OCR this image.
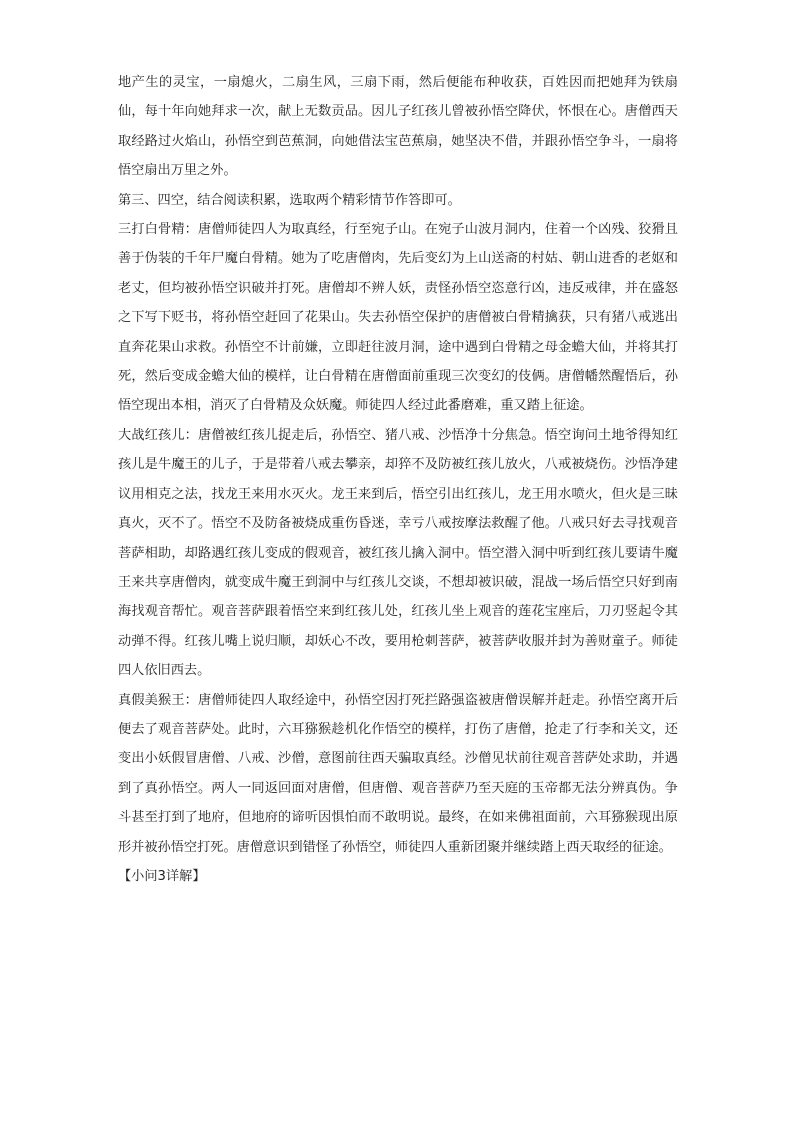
地产生的灵宝，一扇熄火，二扇生风，三扇下雨，然后便能布种收获，百姓因而把她拜为铁扇仙，每十年向她拜求一次，献上无数贡品。因儿子红孩儿曾被孙悟空降伏，怀恨在心。唐僧西天取经路过火焰山，孙悟空到芭蕉洞，向她借法宝芭蕉扇，她坚决不借，并跟孙悟空争斗，一扇将悟空扇出万里之外。

第三、四空，结合阅读积累，选取两个精彩情节作答即可。

三打白骨精：唐僧师徒四人为取真经，行至宛子山。在宛子山波月洞内，住着一个凶残、狡猾且善于伪装的千年尸魔白骨精。她为了吃唐僧肉，先后变幻为上山送斋的村姑、朝山进香的老妪和老丈，但均被孙悟空识破并打死。唐僧却不辨人妖，责怪孙悟空恣意行凶，违反戒律，并在盛怒之下写下贬书，将孙悟空赶回了花果山。失去孙悟空保护的唐僧被白骨精擒获，只有猪八戒逃出直奔花果山求救。孙悟空不计前嫌，立即赶往波月洞，途中遇到白骨精之母金蟾大仙，并将其打死，然后变成金蟾大仙的模样，让白骨精在唐僧面前重现三次变幻的伎俩。唐僧幡然醒悟后，孙悟空现出本相，消灭了白骨精及众妖魔。师徒四人经过此番磨难，重又踏上征途。

大战红孩儿：唐僧被红孩儿捉走后，孙悟空、猪八戒、沙悟净十分焦急。悟空询问土地爷得知红孩儿是牛魔王的儿子，于是带着八戒去攀亲，却猝不及防被红孩儿放火，八戒被烧伤。沙悟净建议用相克之法，找龙王来用水灭火。龙王来到后，悟空引出红孩儿，龙王用水喷火，但火是三昧真火，灭不了。悟空不及防备被烧成重伤昏迷，幸亏八戒按摩法救醒了他。八戒只好去寻找观音菩萨相助，却路遇红孩儿变成的假观音，被红孩儿擒入洞中。悟空潜入洞中听到红孩儿要请牛魔王来共享唐僧肉，就变成牛魔王到洞中与红孩儿交谈，不想却被识破，混战一场后悟空只好到南海找观音帮忙。观音菩萨跟着悟空来到红孩儿处，红孩儿坐上观音的莲花宝座后，刀刃竖起令其动弹不得。红孩儿嘴上说归顺，却妖心不改，要用枪刺菩萨，被菩萨收服并封为善财童子。师徒四人依旧西去。

真假美猴王：唐僧师徒四人取经途中，孙悟空因打死拦路强盗被唐僧误解并赶走。孙悟空离开后便去了观音菩萨处。此时，六耳猕猴趁机化作悟空的模样，打伤了唐僧，抢走了行李和关文，还变出小妖假冒唐僧、八戒、沙僧，意图前往西天骗取真经。沙僧见状前往观音菩萨处求助，并遇到了真孙悟空。两人一同返回面对唐僧，但唐僧、观音菩萨乃至天庭的玉帝都无法分辨真伪。争斗甚至打到了地府，但地府的谛听因惧怕而不敢明说。最终，在如来佛祖面前，六耳猕猴现出原形并被孙悟空打死。唐僧意识到错怪了孙悟空，师徒四人重新团聚并继续踏上西天取经的征途。

【小问3详解】
